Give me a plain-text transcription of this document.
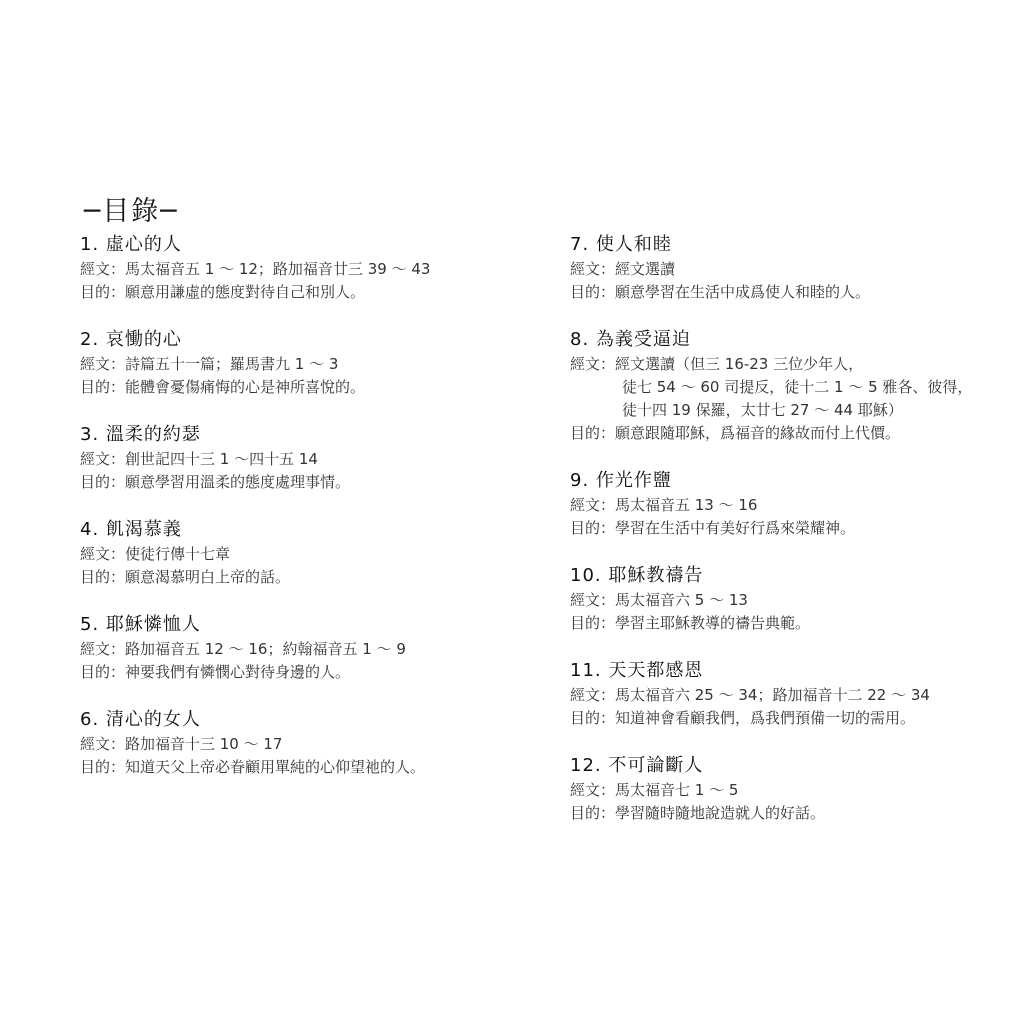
─目錄─
1. 虛心的人
經文：馬太福音五 1 ～ 12；路加福音廿三 39 ～ 43
目的：願意用謙虛的態度對待自己和別人。
2. 哀慟的心
經文：詩篇五十一篇；羅馬書九 1 ～ 3
目的：能體會憂傷痛悔的心是神所喜悅的。
3. 溫柔的約瑟
經文：創世記四十三 1 ～四十五 14
目的：願意學習用溫柔的態度處理事情。
4. 飢渴慕義
經文：使徒行傳十七章
目的：願意渴慕明白上帝的話。
5. 耶穌憐恤人
經文：路加福音五 12 ～ 16；約翰福音五 1 ～ 9
目的：神要我們有憐憫心對待身邊的人。
6. 清心的女人
經文：路加福音十三 10 ～ 17
目的：知道天父上帝必眷顧用單純的心仰望祂的人。
7. 使人和睦
經文：經文選讀
目的：願意學習在生活中成爲使人和睦的人。
8. 為義受逼迫
經文：經文選讀（但三 16-23 三位少年人，
徒七 54 ～ 60 司提反，徒十二 1 ～ 5 雅各、彼得，
徒十四 19 保羅，太廿七 27 ～ 44 耶穌）
目的：願意跟隨耶穌，爲福音的緣故而付上代價。
9. 作光作鹽
經文：馬太福音五 13 ～ 16
目的：學習在生活中有美好行爲來榮耀神。
10. 耶穌教禱告
經文：馬太福音六 5 ～ 13
目的：學習主耶穌教導的禱告典範。
11. 天天都感恩
經文：馬太福音六 25 ～ 34；路加福音十二 22 ～ 34
目的：知道神會看顧我們，爲我們預備一切的需用。
12. 不可論斷人
經文：馬太福音七 1 ～ 5
目的：學習隨時隨地說造就人的好話。
